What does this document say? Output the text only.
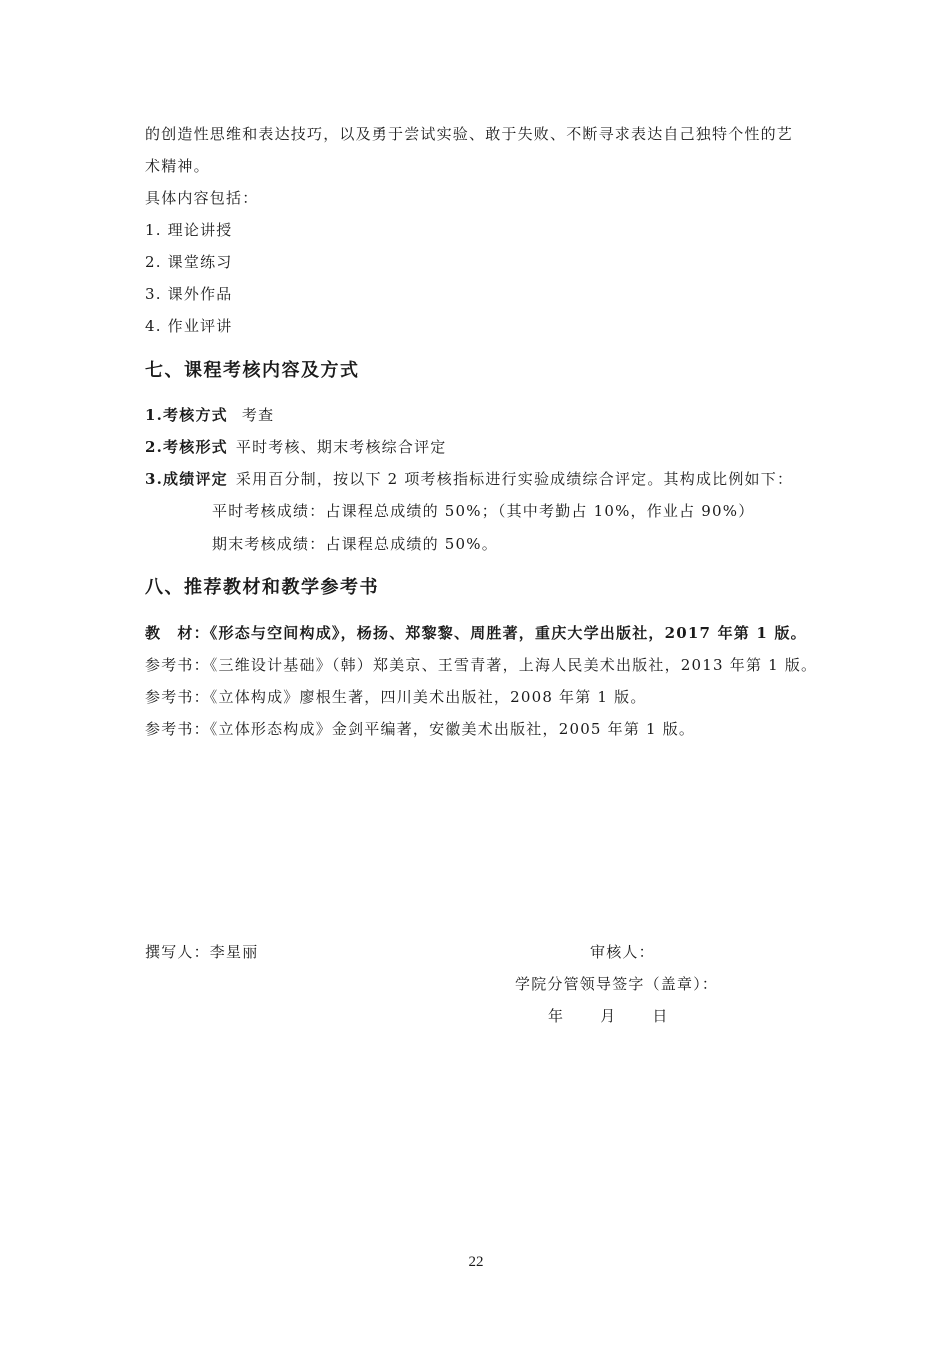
的创造性思维和表达技巧，以及勇于尝试实验、敢于失败、不断寻求表达自己独特个性的艺
术精神。
具体内容包括：
1. 理论讲授
2. 课堂练习
3. 课外作品
4. 作业评讲
七、课程考核内容及方式
1.考核方式 考查
2.考核形式 平时考核、期末考核综合评定
3.成绩评定 采用百分制，按以下 2 项考核指标进行实验成绩综合评定。其构成比例如下：
平时考核成绩：占课程总成绩的 50%；（其中考勤占 10%，作业占 90%）
期末考核成绩：占课程总成绩的 50%。
八、推荐教材和教学参考书
教　材：《形态与空间构成》，杨扬、郑黎黎、周胜著，重庆大学出版社，2017 年第 1 版。
参考书：《三维设计基础》（韩）郑美京、王雪青著，上海人民美术出版社，2013 年第 1 版。
参考书：《立体构成》廖根生著，四川美术出版社，2008 年第 1 版。
参考书：《立体形态构成》金剑平编著，安徽美术出版社，2005 年第 1 版。
撰写人：李星丽	审核人：
学院分管领导签字（盖章）：
年 月 日
22
